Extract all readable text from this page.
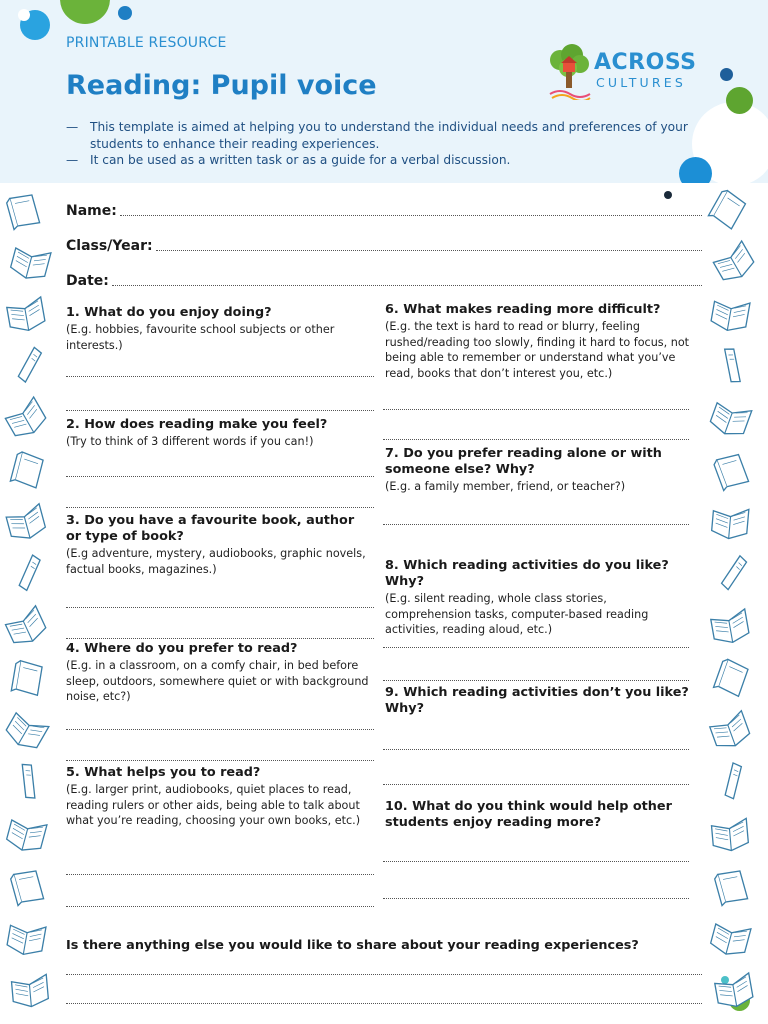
PRINTABLE RESOURCE
Reading: Pupil voice
— This template is aimed at helping you to understand the individual needs and preferences of your students to enhance their reading experiences.
— It can be used as a written task or as a guide for a verbal discussion.
ACROSS
CULTURES
Name:
Class/Year:
Date:
1. What do you enjoy doing?
(E.g. hobbies, favourite school subjects or other interests.)
2. How does reading make you feel?
(Try to think of 3 different words if you can!)
3. Do you have a favourite book, author or type of book?
(E.g adventure, mystery, audiobooks, graphic novels, factual books, magazines.)
4. Where do you prefer to read?
(E.g. in a classroom, on a comfy chair, in bed before sleep, outdoors, somewhere quiet or with background noise, etc?)
5. What helps you to read?
(E.g. larger print, audiobooks, quiet places to read, reading rulers or other aids, being able to talk about what you’re reading, choosing your own books, etc.)
6. What makes reading more difficult?
(E.g. the text is hard to read or blurry, feeling rushed/reading too slowly, finding it hard to focus, not being able to remember or understand what you’ve read, books that don’t interest you, etc.)
7. Do you prefer reading alone or with someone else? Why?
(E.g. a family member, friend, or teacher?)
8. Which reading activities do you like? Why?
(E.g. silent reading, whole class stories, comprehension tasks, computer-based reading activities, reading aloud, etc.)
9. Which reading activities don’t you like? Why?
10. What do you think would help other students enjoy reading more?
Is there anything else you would like to share about your reading experiences?
